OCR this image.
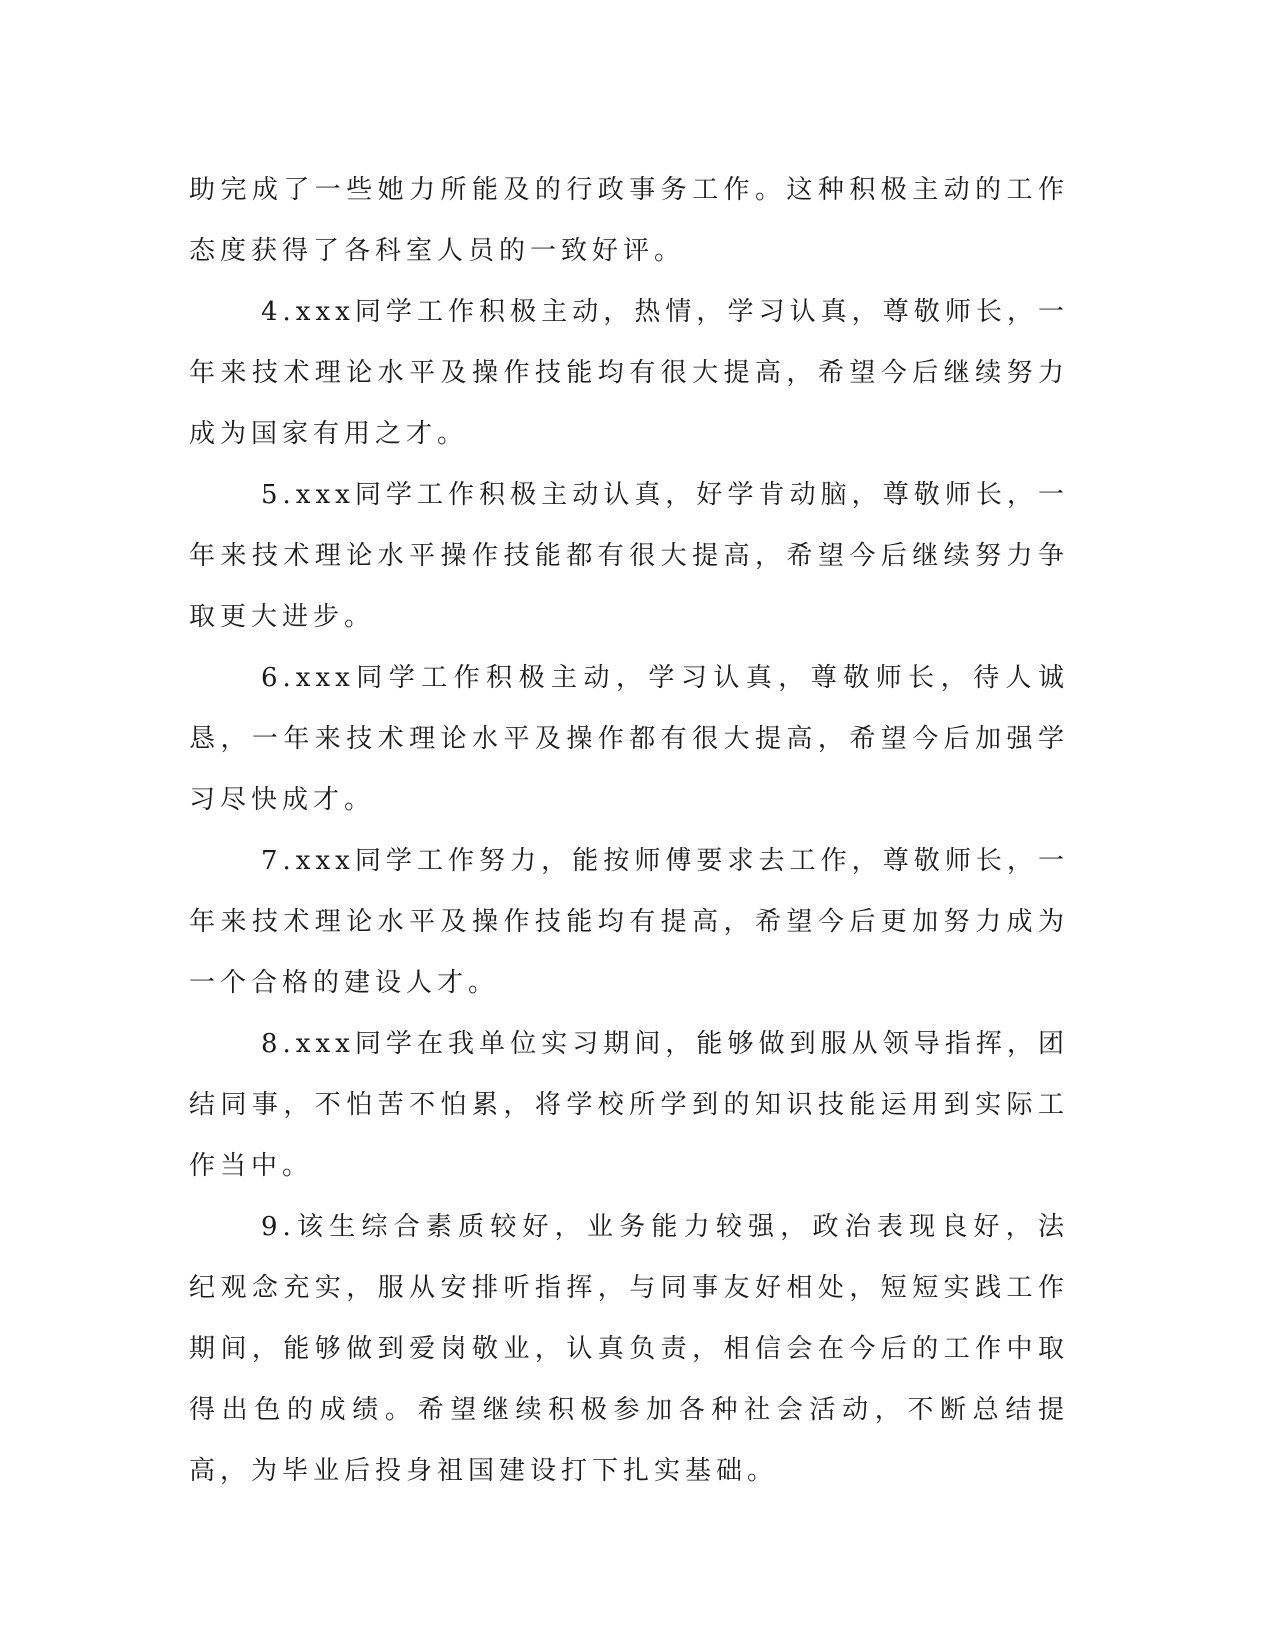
助完成了一些她力所能及的行政事务工作。这种积极主动的工作态度获得了各科室人员的一致好评。

4.xxx同学工作积极主动，热情，学习认真，尊敬师长，一年来技术理论水平及操作技能均有很大提高，希望今后继续努力成为国家有用之才。

5.xxx同学工作积极主动认真，好学肯动脑，尊敬师长，一年来技术理论水平操作技能都有很大提高，希望今后继续努力争取更大进步。

6.xxx同学工作积极主动，学习认真，尊敬师长，待人诚恳，一年来技术理论水平及操作都有很大提高，希望今后加强学习尽快成才。

7.xxx同学工作努力，能按师傅要求去工作，尊敬师长，一年来技术理论水平及操作技能均有提高，希望今后更加努力成为一个合格的建设人才。

8.xxx同学在我单位实习期间，能够做到服从领导指挥，团结同事，不怕苦不怕累，将学校所学到的知识技能运用到实际工作当中。

9.该生综合素质较好，业务能力较强，政治表现良好，法纪观念充实，服从安排听指挥，与同事友好相处，短短实践工作期间，能够做到爱岗敬业，认真负责，相信会在今后的工作中取得出色的成绩。希望继续积极参加各种社会活动，不断总结提高，为毕业后投身祖国建设打下扎实基础。
